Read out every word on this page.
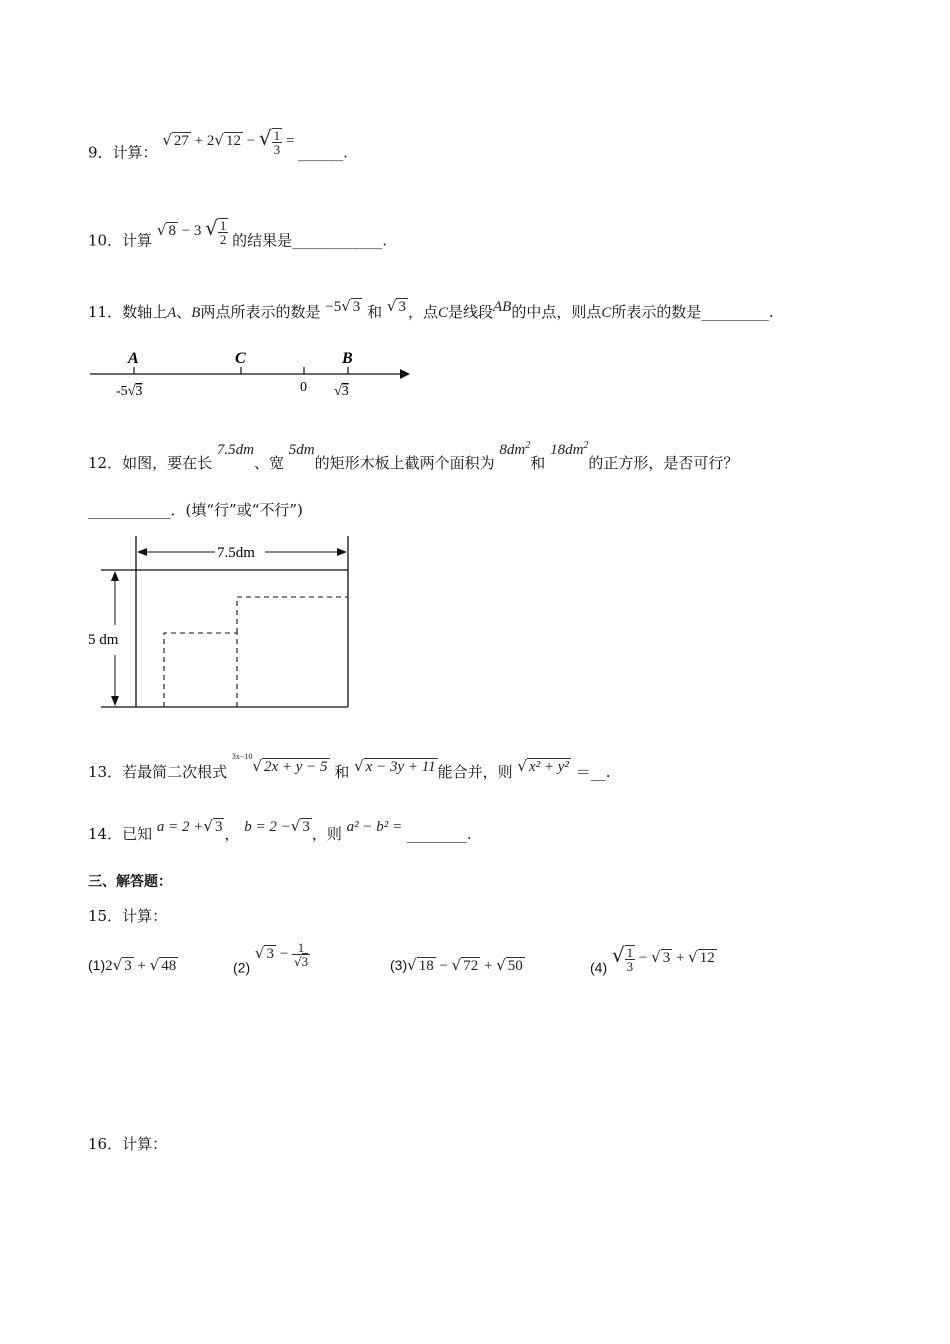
9．计算： √ 27 + 2√ 12 − √ $\frac{1}{3}$ = ______.
10．计算 √ 8 − 3 √ $\frac{1}{2}$ 的结果是____________.
11．数轴上A、B两点所表示的数是 −5√ 3 和 √ 3 ，点C是线段AB的中点，则点C所表示的数是_________.
A	C	B
-5√3	0 √3
12．如图，要在长 7.5dm、宽 5dm的矩形木板上截两个面积为 $8dm^2$和 $18dm^2$的正方形，是否可行？
___________．(填“行”或“不行”)
7.5dm
5 dm
13．若最简二次根式 $^{3x-10}$√ 2x + y − 5 和 √ x − 3y + 11 能合并，则 √ x² + y² ＝__.
14．已知 a = 2 +√ 3 ， b = 2 −√ 3 ，则 a² − b² = ________.
三、解答题：
15．计算：
(1)2√ 3 + √ 48	(2) √ $3 - \frac{1}{√3}$	(3)√ 18 − √ 72 + √ 50	(4) √ $\frac{1}{3}$ − √ 3 + √ 12
16．计算：
